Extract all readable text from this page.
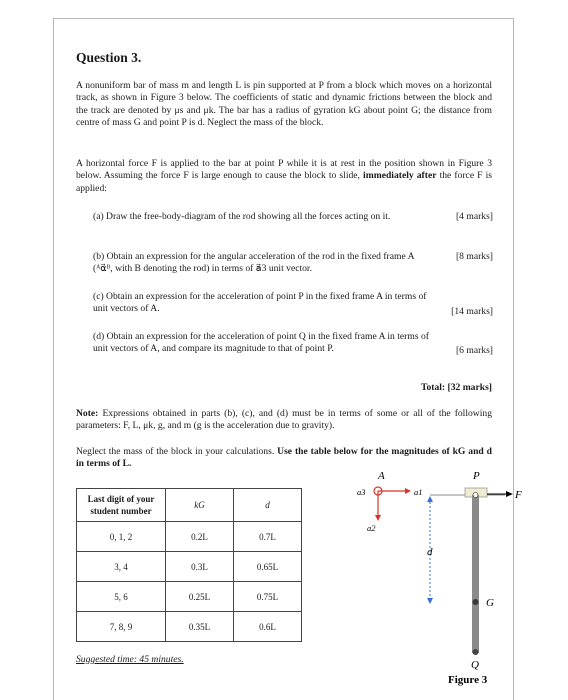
Question 3.
A nonuniform bar of mass m and length L is pin supported at P from a block which moves on a horizontal track, as shown in Figure 3 below. The coefficients of static and dynamic frictions between the block and the track are denoted by μs and μk. The bar has a radius of gyration kG about point G; the distance from centre of mass G and point P is d. Neglect the mass of the block.
A horizontal force F is applied to the bar at point P while it is at rest in the position shown in Figure 3 below. Assuming the force F is large enough to cause the block to slide, immediately after the force F is applied:
(a) Draw the free-body-diagram of the rod showing all the forces acting on it.	[4 marks]
(b) Obtain an expression for the angular acceleration of the rod in the fixed frame A (ᴬα⃗ᴮ, with B denoting the rod) in terms of a⃗3 unit vector.
[8 marks]
(c) Obtain an expression for the acceleration of point P in the fixed frame A in terms of unit vectors of A.	[14 marks]
(d) Obtain an expression for the acceleration of point Q in the fixed frame A in terms of unit vectors of A, and compare its magnitude to that of point P.	[6 marks]
Total: [32 marks]
Note: Expressions obtained in parts (b), (c), and (d) must be in terms of some or all of the following parameters: F, L, μk, g, and m (g is the acceleration due to gravity).
Neglect the mass of the block in your calculations. Use the table below for the magnitudes of kG and d in terms of L.
Last digit of your student number	kG	d
0, 1, 2	0.2L	0.7L
3, 4	0.3L	0.65L
5, 6	0.25L	0.75L
7, 8, 9	0.35L	0.6L
Suggested time: 45 minutes.
A
a3	a1
a2
P
F
d
G
Q
Figure 3
